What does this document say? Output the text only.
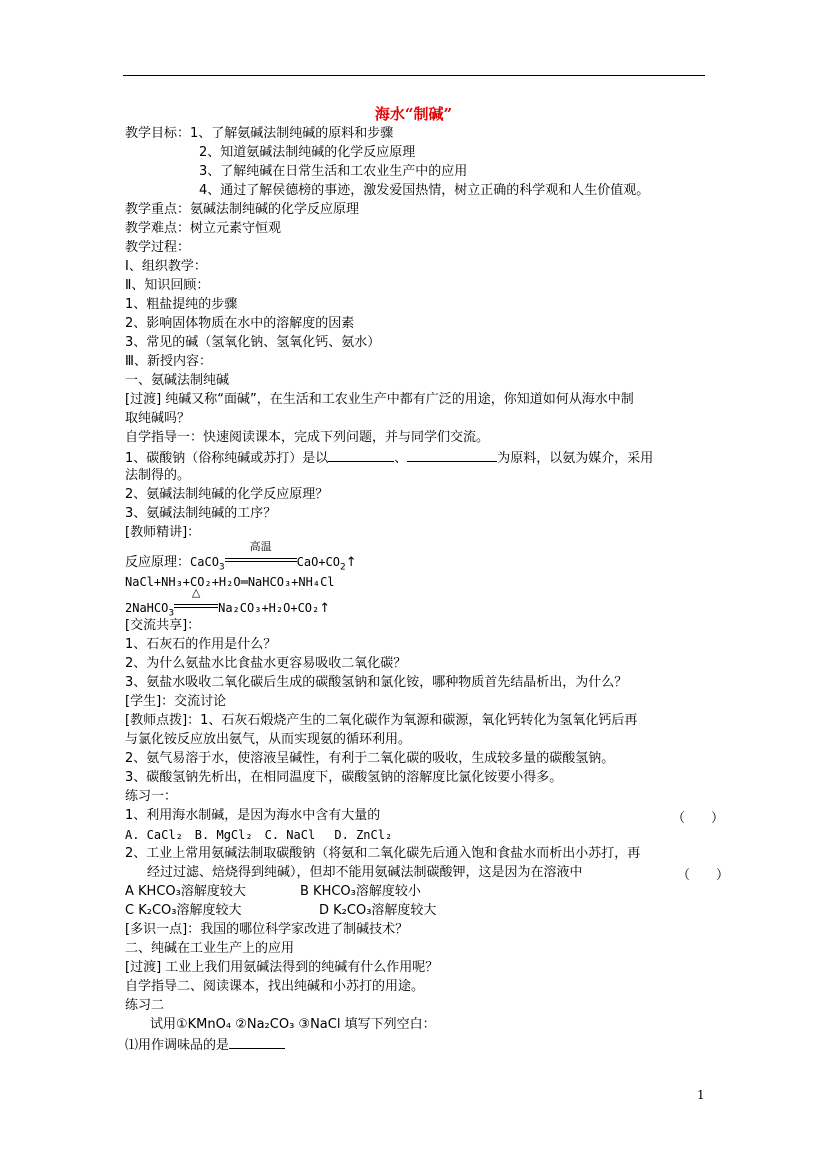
海水“制碱”
教学目标：1、了解氨碱法制纯碱的原料和步骤
2、知道氨碱法制纯碱的化学反应原理
3、了解纯碱在日常生活和工农业生产中的应用
4、通过了解侯德榜的事迹，激发爱国热情，树立正确的科学观和人生价值观。
教学重点：氨碱法制纯碱的化学反应原理
教学难点：树立元素守恒观
教学过程：
Ⅰ、组织教学：
Ⅱ、知识回顾：
1、粗盐提纯的步骤
2、影响固体物质在水中的溶解度的因素
3、常见的碱（氢氧化钠、氢氧化钙、氨水）
Ⅲ、新授内容：
一、氨碱法制纯碱
[过渡] 纯碱又称“面碱”，在生活和工农业生产中都有广泛的用途，你知道如何从海水中制
取纯碱吗？
自学指导一：快速阅读课本，完成下列问题，并与同学们交流。
1、碳酸钠（俗称纯碱或苏打）是以	、	为原料，以氨为媒介，采用
法制得的。
2、氨碱法制纯碱的化学反应原理？
3、氨碱法制纯碱的工序？
[教师精讲]：
反应原理：CaCO$_3$
高温
$CaO+CO_2↑$
NaCl+NH₃+CO₂+H₂O═NaHCO₃+NH₄Cl
2NaHCO$_3$
△
Na₂CO₃+H₂O+CO₂↑
[交流共享]：
1、石灰石的作用是什么？
2、为什么氨盐水比食盐水更容易吸收二氧化碳？
3、氨盐水吸收二氧化碳后生成的碳酸氢钠和氯化铵，哪种物质首先结晶析出，为什么？
[学生]：交流讨论
[教师点拨]：1、石灰石煅烧产生的二氧化碳作为氧源和碳源，氧化钙转化为氢氧化钙后再
与氯化铵反应放出氨气，从而实现氨的循环利用。
2、氨气易溶于水，使溶液呈碱性，有利于二氧化碳的吸收，生成较多量的碳酸氢钠。
3、碳酸氢钠先析出，在相同温度下，碳酸氢钠的溶解度比氯化铵要小得多。
练习一：
1、利用海水制碱，是因为海水中含有大量的	（　　）
A. CaCl₂　B. MgCl₂　C. NaCl　 D. ZnCl₂
2、工业上常用氨碱法制取碳酸钠（将氨和二氧化碳先后通入饱和食盐水而析出小苏打，再
经过过滤、焙烧得到纯碱），但却不能用氨碱法制碳酸钾，这是因为在溶液中	（　　）
A KHCO₃溶解度较大	B KHCO₃溶解度较小
C K₂CO₃溶解度较大	D K₂CO₃溶解度较大
[多识一点]：我国的哪位科学家改进了制碱技术？
二、纯碱在工业生产上的应用
[过渡] 工业上我们用氨碱法得到的纯碱有什么作用呢？
自学指导二、阅读课本，找出纯碱和小苏打的用途。
练习二
试用①KMnO₄ ②Na₂CO₃ ③NaCl 填写下列空白：
⑴用作调味品的是
1
